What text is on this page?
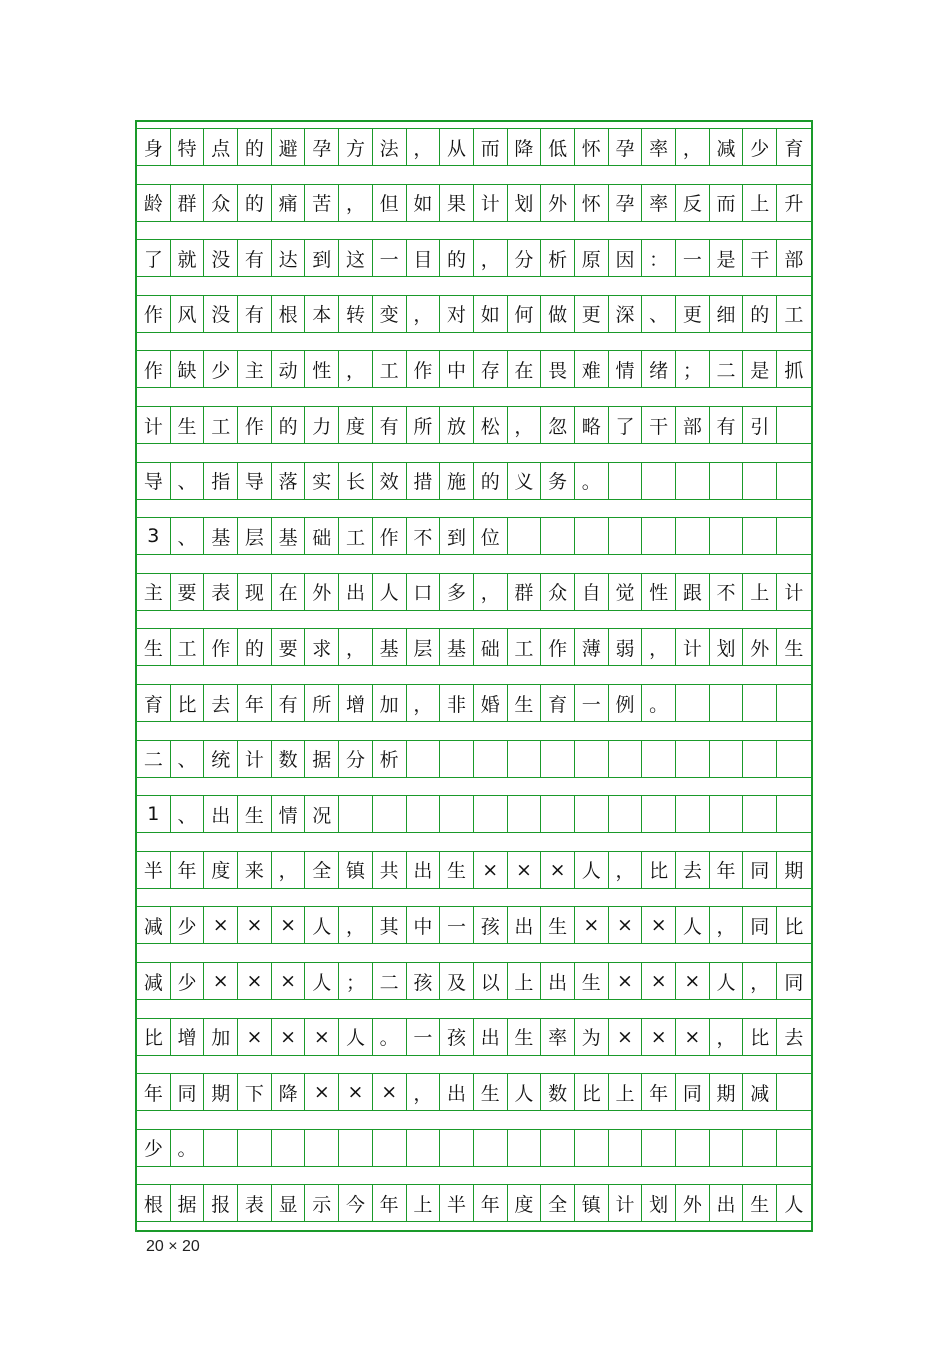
身 特 点 的 避 孕 方 法 ， 从 而 降 低 怀 孕 率 ， 减 少 育
龄 群 众 的 痛 苦 ， 但 如 果 计 划 外 怀 孕 率 反 而 上 升
了 就 没 有 达 到 这 一 目 的 ， 分 析 原 因 ： 一 是 干 部
作 风 没 有 根 本 转 变 ， 对 如 何 做 更 深 、 更 细 的 工
作 缺 少 主 动 性 ， 工 作 中 存 在 畏 难 情 绪 ； 二 是 抓
计 生 工 作 的 力 度 有 所 放 松 ， 忽 略 了 干 部 有 引
导 、 指 导 落 实 长 效 措 施 的 义 务 。
3 、 基 层 基 础 工 作 不 到 位
主 要 表 现 在 外 出 人 口 多 ， 群 众 自 觉 性 跟 不 上 计
生 工 作 的 要 求 ， 基 层 基 础 工 作 薄 弱 ， 计 划 外 生
育 比 去 年 有 所 增 加 ， 非 婚 生 育 一 例 。
二 、 统 计 数 据 分 析
1 、 出 生 情 况
半 年 度 来 ， 全 镇 共 出 生 × × × 人 ， 比 去 年 同 期
减 少 × × × 人 ， 其 中 一 孩 出 生 × × × 人 ， 同 比
减 少 × × × 人 ； 二 孩 及 以 上 出 生 × × × 人 ， 同
比 增 加 × × × 人 。 一 孩 出 生 率 为 × × × ， 比 去
年 同 期 下 降 × × × ， 出 生 人 数 比 上 年 同 期 减
少 。
根 据 报 表 显 示 今 年 上 半 年 度 全 镇 计 划 外 出 生 人
20 × 20
